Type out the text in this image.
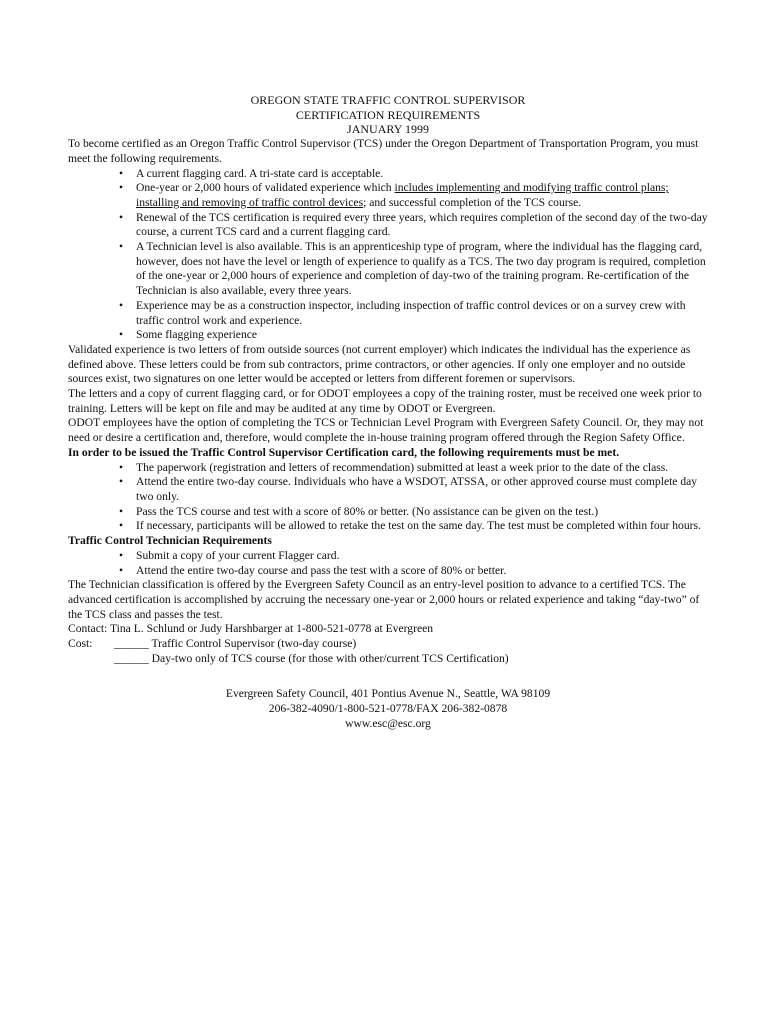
OREGON STATE TRAFFIC CONTROL SUPERVISOR
CERTIFICATION REQUIREMENTS
JANUARY 1999

To become certified as an Oregon Traffic Control Supervisor (TCS) under the Oregon Department of Transportation Program, you must meet the following requirements.

• A current flagging card. A tri-state card is acceptable.
• One-year or 2,000 hours of validated experience which includes implementing and modifying traffic control plans; installing and removing of traffic control devices; and successful completion of the TCS course.
• Renewal of the TCS certification is required every three years, which requires completion of the second day of the two-day course, a current TCS card and a current flagging card.
• A Technician level is also available. This is an apprenticeship type of program, where the individual has the flagging card, however, does not have the level or length of experience to qualify as a TCS. The two day program is required, completion of the one-year or 2,000 hours of experience and completion of day-two of the training program. Re-certification of the Technician is also available, every three years.
• Experience may be as a construction inspector, including inspection of traffic control devices or on a survey crew with traffic control work and experience.
• Some flagging experience

Validated experience is two letters of from outside sources (not current employer) which indicates the individual has the experience as defined above. These letters could be from sub contractors, prime contractors, or other agencies. If only one employer and no outside sources exist, two signatures on one letter would be accepted or letters from different foremen or supervisors.

The letters and a copy of current flagging card, or for ODOT employees a copy of the training roster, must be received one week prior to training. Letters will be kept on file and may be audited at any time by ODOT or Evergreen.

ODOT employees have the option of completing the TCS or Technician Level Program with Evergreen Safety Council. Or, they may not need or desire a certification and, therefore, would complete the in-house training program offered through the Region Safety Office.

In order to be issued the Traffic Control Supervisor Certification card, the following requirements must be met.

• The paperwork (registration and letters of recommendation) submitted at least a week prior to the date of the class.
• Attend the entire two-day course. Individuals who have a WSDOT, ATSSA, or other approved course must complete day two only.
• Pass the TCS course and test with a score of 80% or better. (No assistance can be given on the test.)
• If necessary, participants will be allowed to retake the test on the same day. The test must be completed within four hours.

Traffic Control Technician Requirements

• Submit a copy of your current Flagger card.
• Attend the entire two-day course and pass the test with a score of 80% or better.

The Technician classification is offered by the Evergreen Safety Council as an entry-level position to advance to a certified TCS. The advanced certification is accomplished by accruing the necessary one-year or 2,000 hours or related experience and taking “day-two” of the TCS class and passes the test.

Contact: Tina L. Schlund or Judy Harshbarger at 1-800-521-0778 at Evergreen

Cost:	______ Traffic Control Supervisor (two-day course)
______ Day-two only of TCS course (for those with other/current TCS Certification)
Evergreen Safety Council, 401 Pontius Avenue N., Seattle, WA 98109
206-382-4090/1-800-521-0778/FAX 206-382-0878
www.esc@esc.org
